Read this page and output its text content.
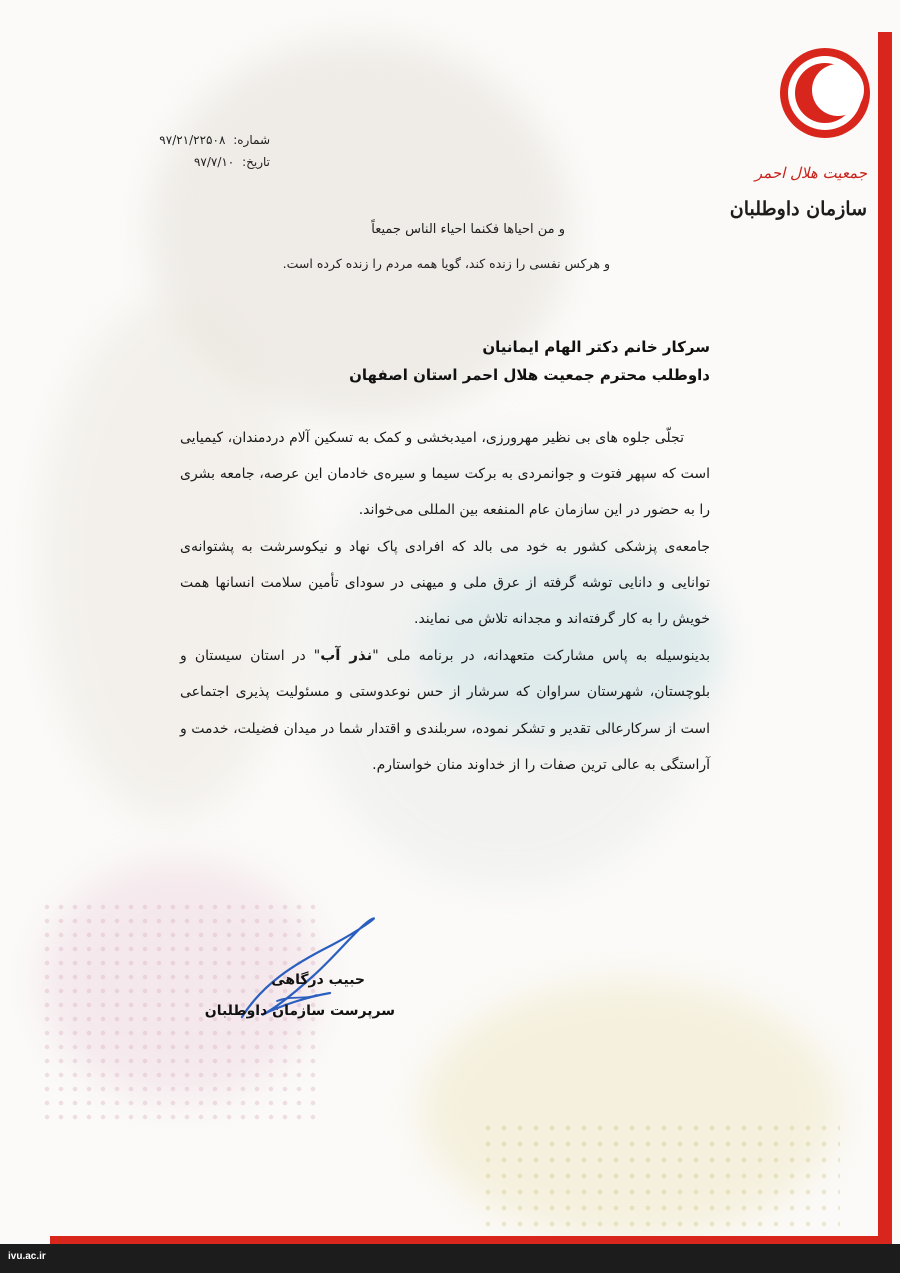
ivu.ac.ir
جمعیت هلال احمر
سازمان داوطلبان
شماره: ۹۷/۲۱/۲۲۵۰۸
تاریخ: ۹۷/۷/۱۰
و من احیاها فکنما احیاء الناس جمیعاً
و هرکس نفسی را زنده کند، گویا همه مردم را زنده کرده است.
سرکار خانم دکتر الهام ایمانیان
داوطلب محترم جمعیت هلال احمر استان اصفهان

تجلّی جلوه های بی نظیر مهرورزی، امیدبخشی و کمک به تسکین آلام دردمندان، کیمیایی است که سپهر فتوت و جوانمردی به برکت سیما و سیره‌ی خادمان این عرصه، جامعه بشری را به حضور در این سازمان عام المنفعه بین المللی می‌خواند.

جامعه‌ی پزشکی کشور به خود می بالد که افرادی پاک نهاد و نیکوسرشت به پشتوانه‌ی توانایی و دانایی توشه گرفته از عرق ملی و میهنی در سودای تأمین سلامت انسانها همت خویش را به کار گرفته‌اند و مجدانه تلاش می نمایند.

بدینوسیله به پاس مشارکت متعهدانه، در برنامه ملی "نذر آب" در استان سیستان و بلوچستان، شهرستان سراوان که سرشار از حس نوعدوستی و مسئولیت پذیری اجتماعی است از سرکارعالی تقدیر و تشکر نموده، سربلندی و اقتدار شما در میدان فضیلت، خدمت و آراستگی به عالی ترین صفات را از خداوند منان خواستارم.

حبیب درگاهی
سرپرست سازمان داوطلبان
